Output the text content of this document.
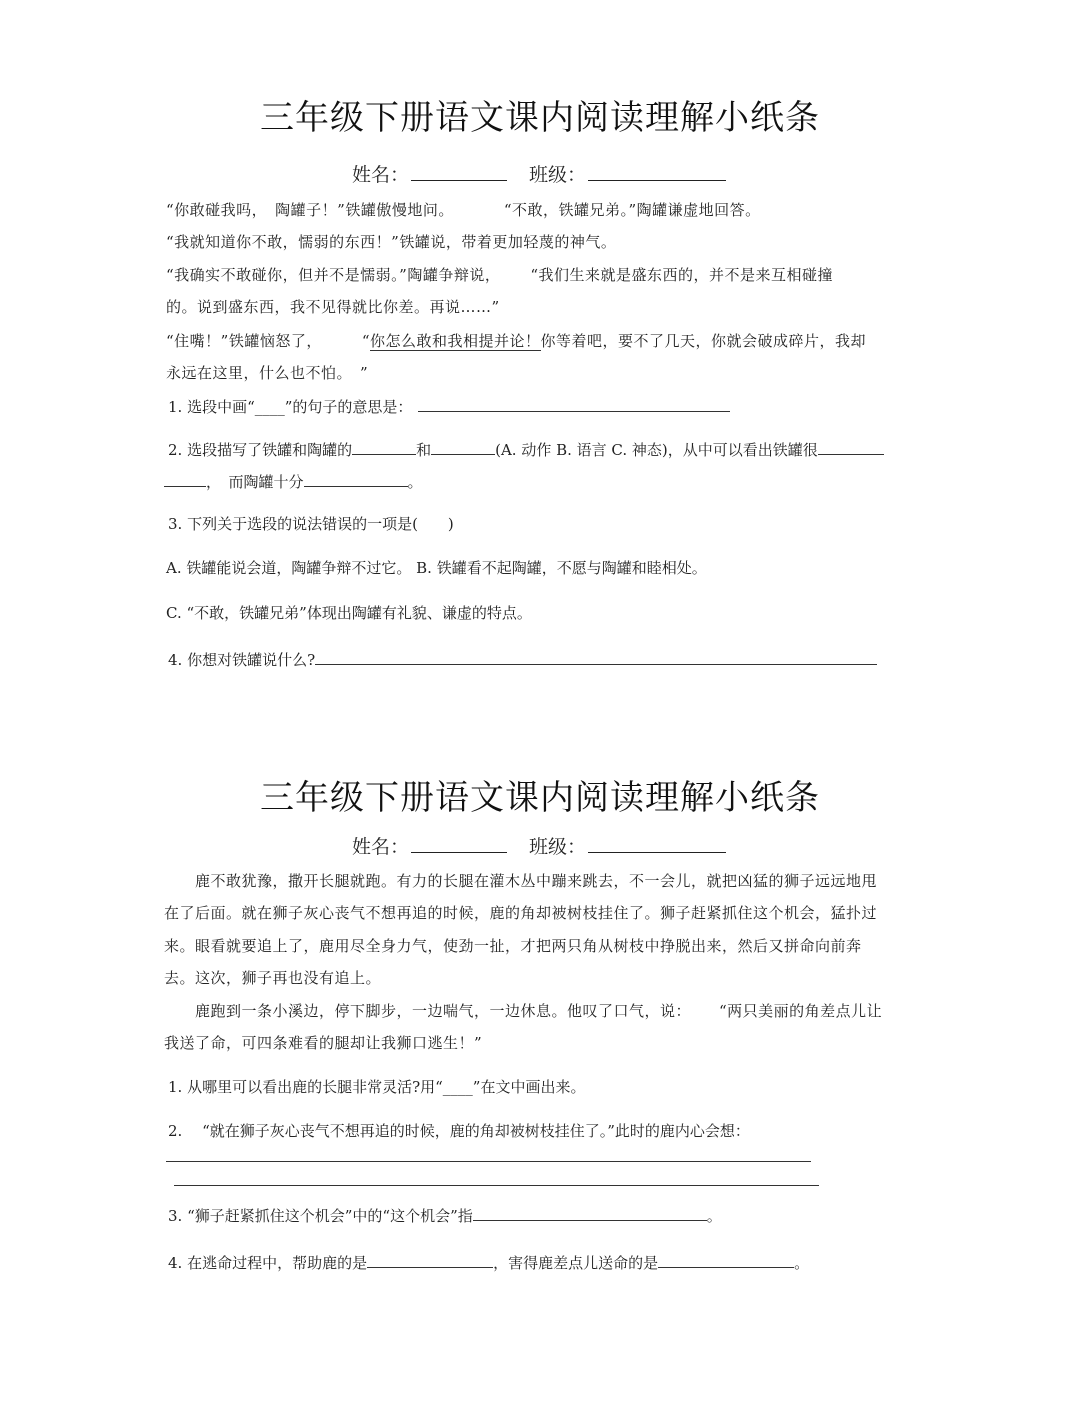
三年级下册语文课内阅读理解小纸条
姓名：	班级：
“你敢碰我吗，　陶罐子！”铁罐傲慢地问。	“不敢，铁罐兄弟。”陶罐谦虚地回答。
“我就知道你不敢，懦弱的东西！”铁罐说，带着更加轻蔑的神气。
“我确实不敢碰你，但并不是懦弱。”陶罐争辩说， “我们生来就是盛东西的，并不是来互相碰撞
的。说到盛东西，我不见得就比你差。再说……”
“住嘴！”铁罐恼怒了，	“你怎么敢和我相提并论！你等着吧，要不了几天，你就会破成碎片，我却
永远在这里，什么也不怕。　”
1. 选段中画“____”的句子的意思是：
2. 选段描写了铁罐和陶罐的	和	(A. 动作 B. 语言 C. 神态)，从中可以看出铁罐很
，　而陶罐十分	。
3. 下列关于选段的说法错误的一项是(　　)
A. 铁罐能说会道，陶罐争辩不过它。 B. 铁罐看不起陶罐，不愿与陶罐和睦相处。
C. “不敢，铁罐兄弟”体现出陶罐有礼貌、谦虚的特点。
4. 你想对铁罐说什么?
三年级下册语文课内阅读理解小纸条
姓名：	班级：
　　鹿不敢犹豫，撒开长腿就跑。有力的长腿在灌木丛中蹦来跳去，不一会儿，就把凶猛的狮子远远地甩
在了后面。就在狮子灰心丧气不想再追的时候，鹿的角却被树枝挂住了。狮子赶紧抓住这个机会，猛扑过
来。眼看就要追上了，鹿用尽全身力气，使劲一扯，才把两只角从树枝中挣脱出来，然后又拼命向前奔
去。这次，狮子再也没有追上。
　　鹿跑到一条小溪边，停下脚步，一边喘气，一边休息。他叹了口气，说： “两只美丽的角差点儿让
我送了命，可四条难看的腿却让我狮口逃生！”
1. 从哪里可以看出鹿的长腿非常灵活?用“____”在文中画出来。
2.　 “就在狮子灰心丧气不想再追的时候，鹿的角却被树枝挂住了。”此时的鹿内心会想：
3. “狮子赶紧抓住这个机会”中的“这个机会”指	。
4. 在逃命过程中，帮助鹿的是	，害得鹿差点儿送命的是	。
